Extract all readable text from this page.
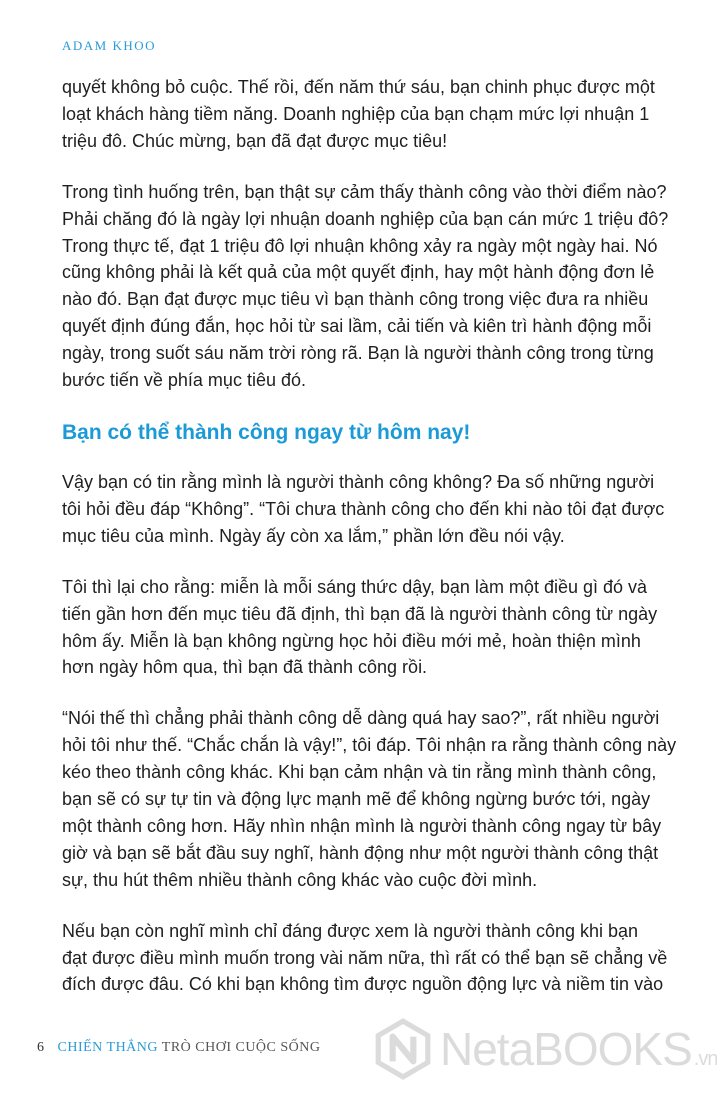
ADAM KHOO

quyết không bỏ cuộc. Thế rồi, đến năm thứ sáu, bạn chinh phục được một
loạt khách hàng tiềm năng. Doanh nghiệp của bạn chạm mức lợi nhuận 1
triệu đô. Chúc mừng, bạn đã đạt được mục tiêu!

Trong tình huống trên, bạn thật sự cảm thấy thành công vào thời điểm nào?
Phải chăng đó là ngày lợi nhuận doanh nghiệp của bạn cán mức 1 triệu đô?
Trong thực tế, đạt 1 triệu đô lợi nhuận không xảy ra ngày một ngày hai. Nó
cũng không phải là kết quả của một quyết định, hay một hành động đơn lẻ
nào đó. Bạn đạt được mục tiêu vì bạn thành công trong việc đưa ra nhiều
quyết định đúng đắn, học hỏi từ sai lầm, cải tiến và kiên trì hành động mỗi
ngày, trong suốt sáu năm trời ròng rã. Bạn là người thành công trong từng
bước tiến về phía mục tiêu đó.

Bạn có thể thành công ngay từ hôm nay!

Vậy bạn có tin rằng mình là người thành công không? Đa số những người
tôi hỏi đều đáp “Không”. “Tôi chưa thành công cho đến khi nào tôi đạt được
mục tiêu của mình. Ngày ấy còn xa lắm,” phần lớn đều nói vậy.

Tôi thì lại cho rằng: miễn là mỗi sáng thức dậy, bạn làm một điều gì đó và
tiến gần hơn đến mục tiêu đã định, thì bạn đã là người thành công từ ngày
hôm ấy. Miễn là bạn không ngừng học hỏi điều mới mẻ, hoàn thiện mình
hơn ngày hôm qua, thì bạn đã thành công rồi.

“Nói thế thì chẳng phải thành công dễ dàng quá hay sao?”, rất nhiều người
hỏi tôi như thế. “Chắc chắn là vậy!”, tôi đáp. Tôi nhận ra rằng thành công này
kéo theo thành công khác. Khi bạn cảm nhận và tin rằng mình thành công,
bạn sẽ có sự tự tin và động lực mạnh mẽ để không ngừng bước tới, ngày
một thành công hơn. Hãy nhìn nhận mình là người thành công ngay từ bây
giờ và bạn sẽ bắt đầu suy nghĩ, hành động như một người thành công thật
sự, thu hút thêm nhiều thành công khác vào cuộc đời mình.

Nếu bạn còn nghĩ mình chỉ đáng được xem là người thành công khi bạn
đạt được điều mình muốn trong vài năm nữa, thì rất có thể bạn sẽ chẳng về
đích được đâu. Có khi bạn không tìm được nguồn động lực và niềm tin vào

6 CHIẾN THẮNG TRÒ CHƠI CUỘC SỐNG	NetaBOOKS .vn
